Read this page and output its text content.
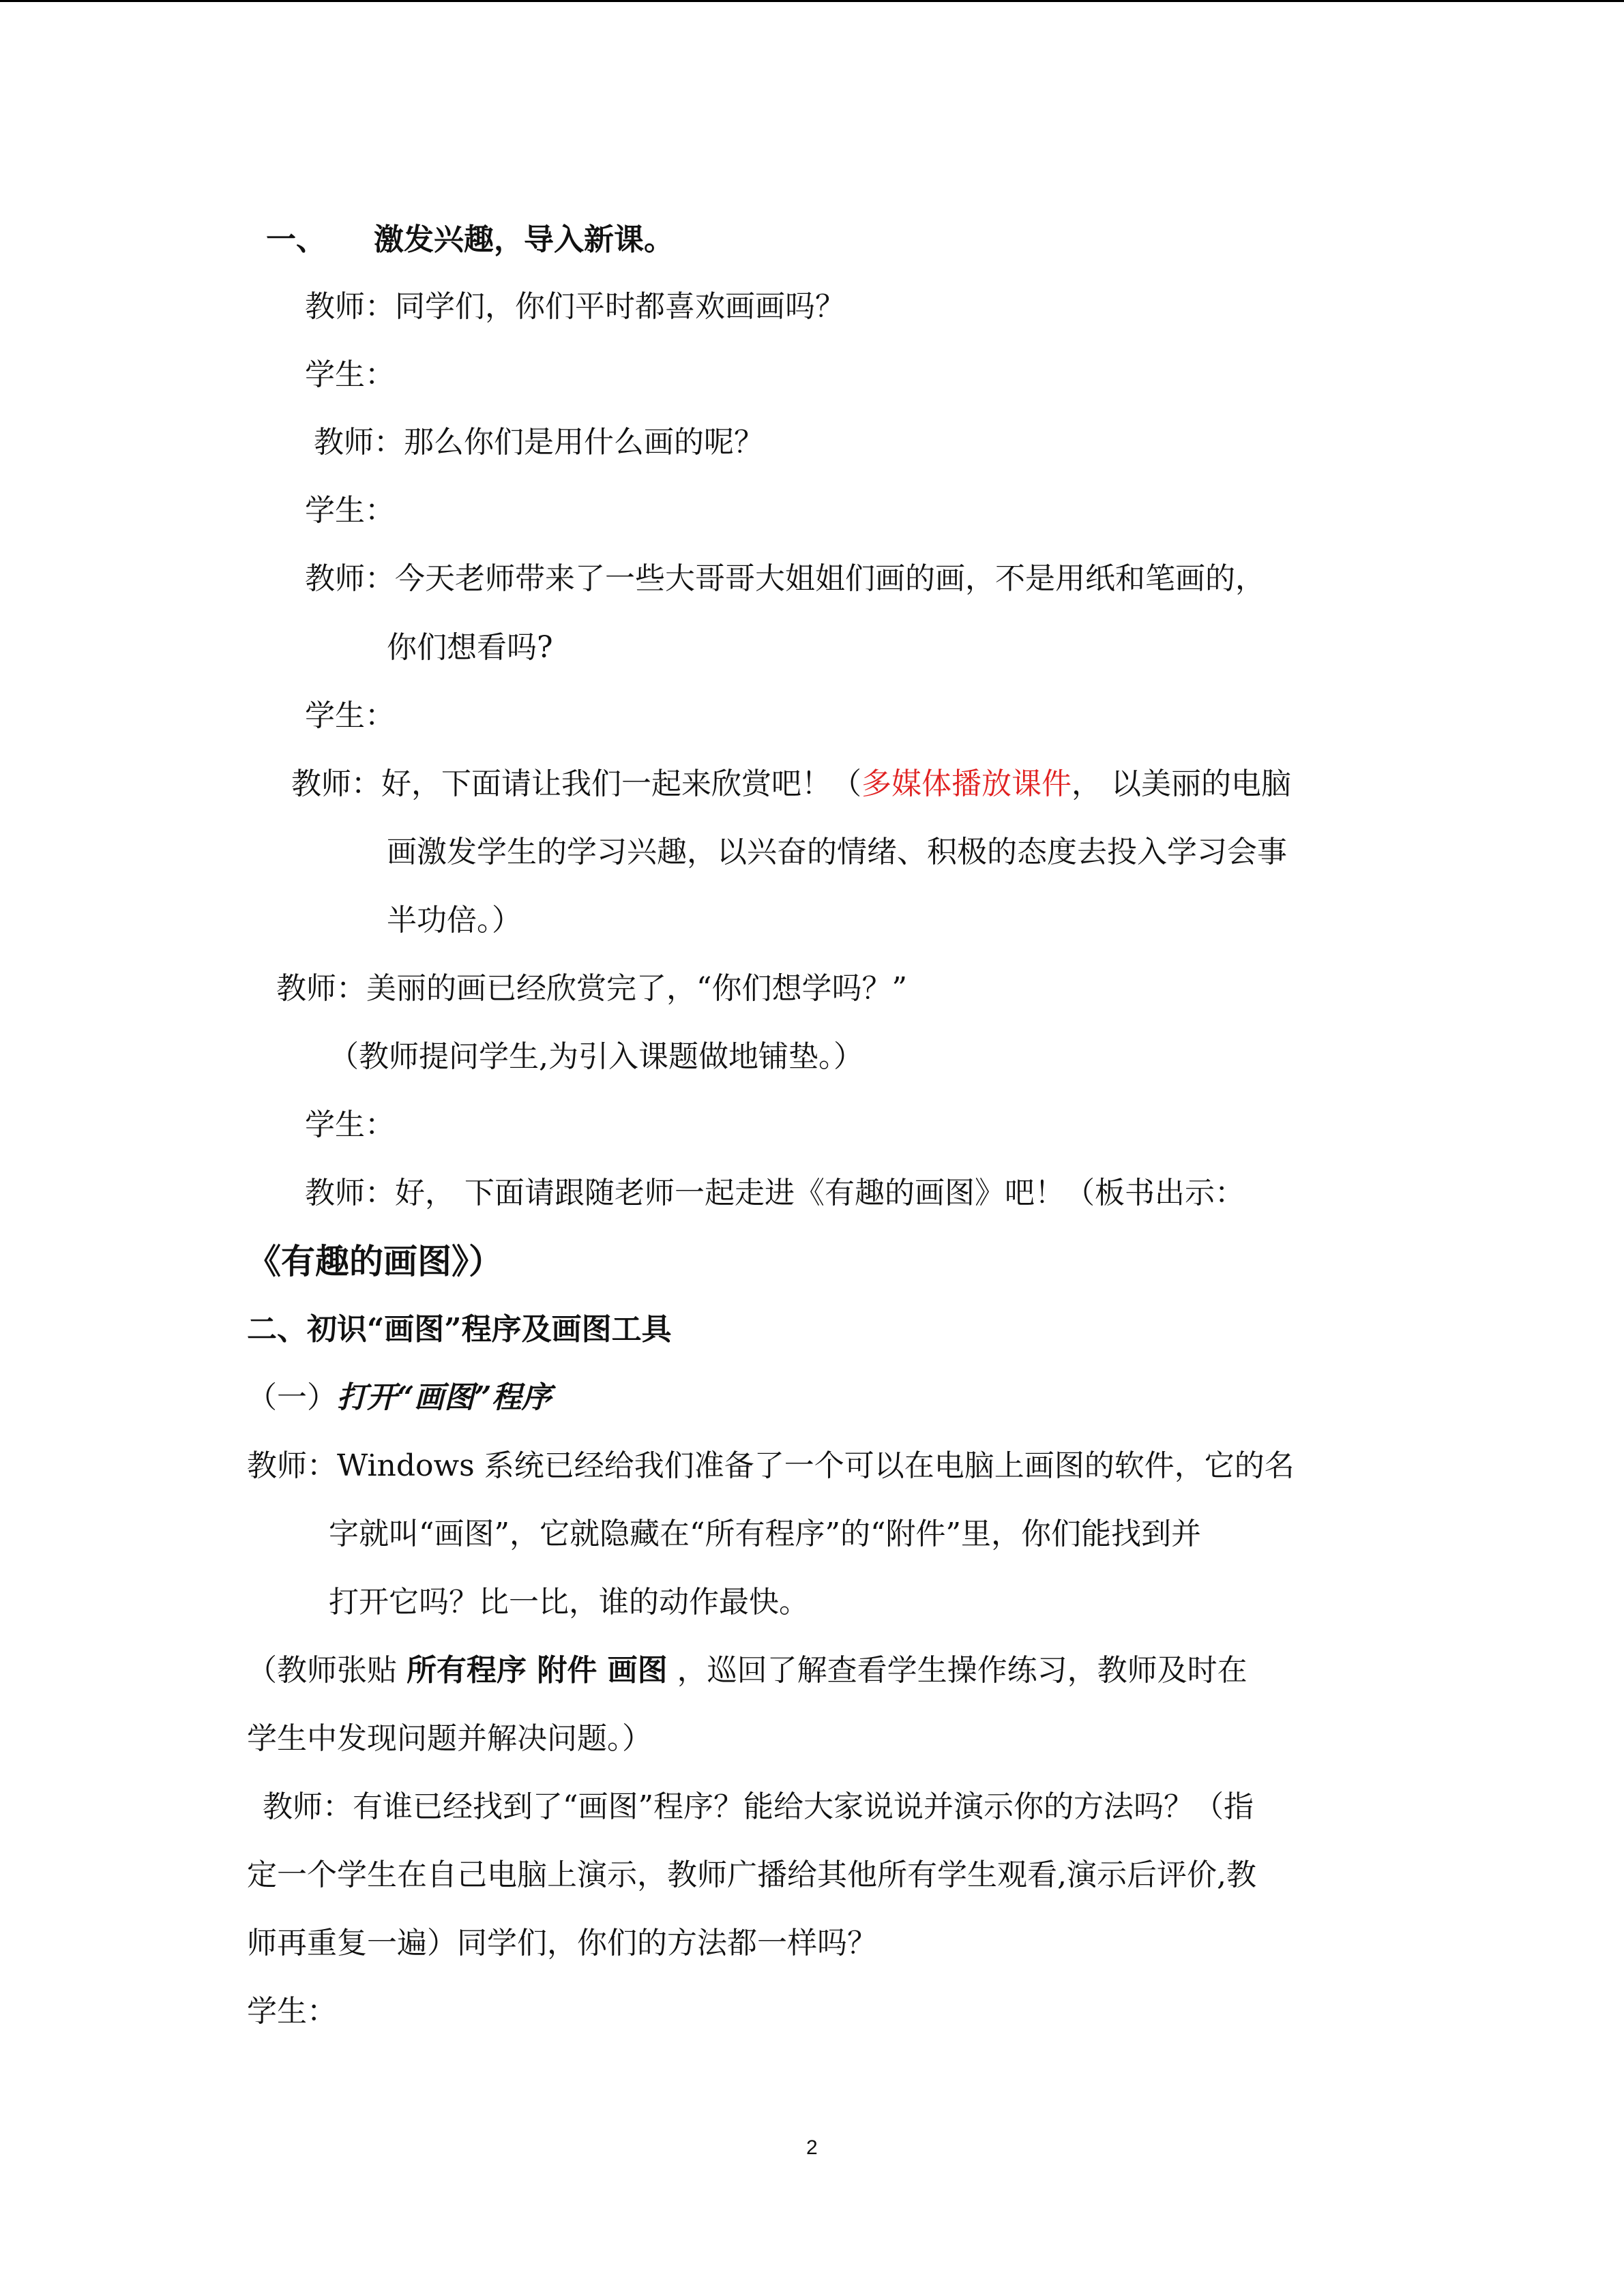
一、 激发兴趣，导入新课。
教师：同学们，你们平时都喜欢画画吗？
学生：
教师：那么你们是用什么画的呢？
学生：
教师：今天老师带来了一些大哥哥大姐姐们画的画，不是用纸和笔画的，
你们想看吗?
学生：
教师：好，下面请让我们一起来欣赏吧！（多媒体播放课件， 以美丽的电脑
画激发学生的学习兴趣，以兴奋的情绪、积极的态度去投入学习会事
半功倍。）
教师：美丽的画已经欣赏完了，“你们想学吗？”
（教师提问学生,为引入课题做地铺垫。）
学生：
教师：好， 下面请跟随老师一起走进《有趣的画图》吧！（板书出示：
《有趣的画图》）
二、初识“画图”程序及画图工具
（一）打开“画图”程序
教师：Windows 系统已经给我们准备了一个可以在电脑上画图的软件，它的名
字就叫“画图”，它就隐藏在“所有程序”的“附件”里，你们能找到并
打开它吗？比一比，谁的动作最快。
（教师张贴 所有程序 附件 画图 ，巡回了解查看学生操作练习，教师及时在
学生中发现问题并解决问题。）
教师：有谁已经找到了“画图”程序？能给大家说说并演示你的方法吗？（指
定一个学生在自己电脑上演示，教师广播给其他所有学生观看,演示后评价,教
师再重复一遍）同学们，你们的方法都一样吗？
学生：
2
